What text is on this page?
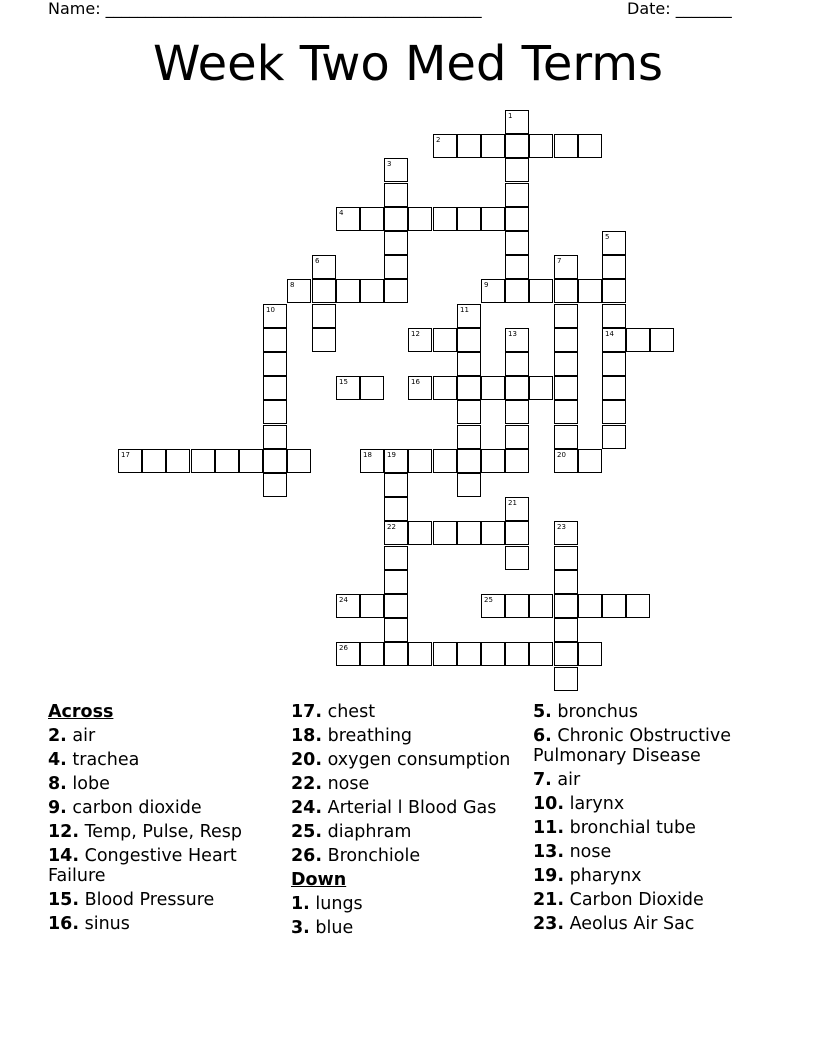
Name: _______________________________________________	Date: _______
Week Two Med Terms
1
2
3
4
5
14
6	7
20
8	9
10	11
12	13
15	16
17	18 19
22
21
23
24	25
26
Across
2. air
4. trachea
8. lobe
9. carbon dioxide
12. Temp, Pulse, Resp
14. Congestive Heart Failure
15. Blood Pressure
16. sinus
17. chest
18. breathing
20. oxygen consumption
22. nose
24. Arterial l Blood Gas
25. diaphram
26. Bronchiole
Down
1. lungs
3. blue
5. bronchus
6. Chronic Obstructive Pulmonary Disease
7. air
10. larynx
11. bronchial tube
13. nose
19. pharynx
21. Carbon Dioxide
23. Aeolus Air Sac
